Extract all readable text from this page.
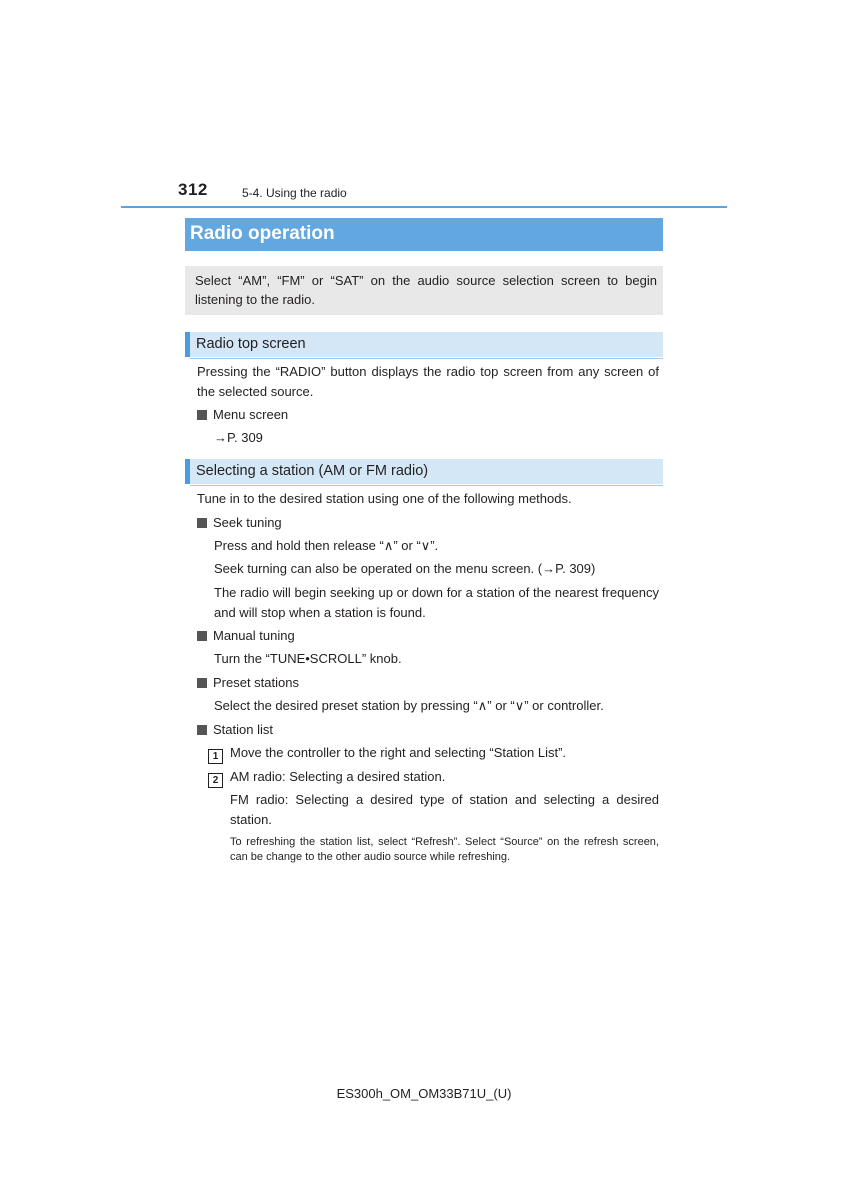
312	5-4. Using the radio
Radio operation
Select “AM”, “FM” or “SAT” on the audio source selection screen to begin listening to the radio.
Radio top screen
Pressing the “RADIO” button displays the radio top screen from any screen of the selected source.
Menu screen
→P. 309
Selecting a station (AM or FM radio)
Tune in to the desired station using one of the following methods.
Seek tuning
Press and hold then release “∧” or “∨”.
Seek turning can also be operated on the menu screen. (→P. 309)
The radio will begin seeking up or down for a station of the nearest frequency and will stop when a station is found.
Manual tuning
Turn the “TUNE•SCROLL” knob.
Preset stations
Select the desired preset station by pressing “∧” or “∨” or controller.
Station list
1 Move the controller to the right and selecting “Station List”.
2 AM radio: Selecting a desired station.
FM radio: Selecting a desired type of station and selecting a desired station.
To refreshing the station list, select “Refresh”. Select “Source” on the refresh screen, can be change to the other audio source while refreshing.
ES300h_OM_OM33B71U_(U)
